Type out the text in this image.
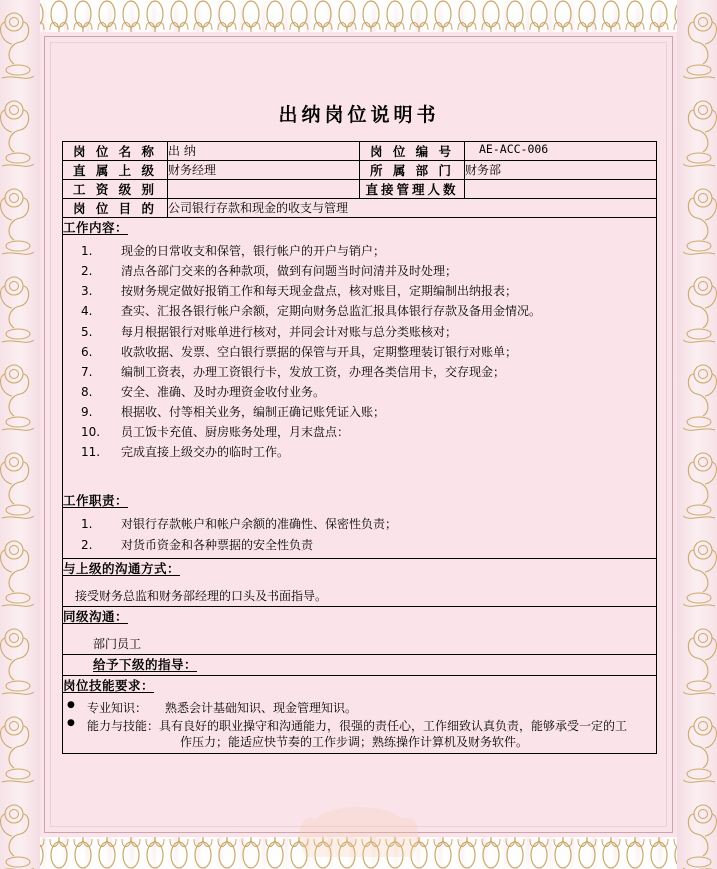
出纳岗位说明书
岗 位 名 称	出 纳	岗 位 编 号	AE-ACC-006
直 属 上 级	财务经理	所 属 部 门	财务部
工 资 级 别		直接管理人数	
岗 位 目 的	公司银行存款和现金的收支与管理		
工作内容：
现金的日常收支和保管，银行帐户的开户与销户；
清点各部门交来的各种款项，做到有问题当时问清并及时处理；
按财务规定做好报销工作和每天现金盘点，核对账目，定期编制出纳报表；
查实、汇报各银行帐户余额，定期向财务总监汇报具体银行存款及备用金情况。
每月根据银行对账单进行核对，并同会计对账与总分类账核对；
收款收据、发票、空白银行票据的保管与开具，定期整理装订银行对账单；
编制工资表，办理工资银行卡，发放工资，办理各类信用卡，交存现金；
安全、准确、及时办理资金收付业务。
根据收、付等相关业务，编制正确记账凭证入账；
员工饭卡充值、厨房账务处理，月末盘点：
完成直接上级交办的临时工作。
工作职责：
对银行存款帐户和帐户余额的准确性、保密性负责；
对货币资金和各种票据的安全性负责

与上级的沟通方式：
接受财务总监和财务部经理的口头及书面指导。			

同级沟通：
部门员工			

给予下级的指导：			
岗位技能要求：
● 专业知识： 熟悉会计基础知识、现金管理知识。
● 能力与技能：具有良好的职业操守和沟通能力，很强的责任心，工作细致认真负责，能够承受一定的工
作压力；能适应快节奏的工作步调；熟练操作计算机及财务软件。
